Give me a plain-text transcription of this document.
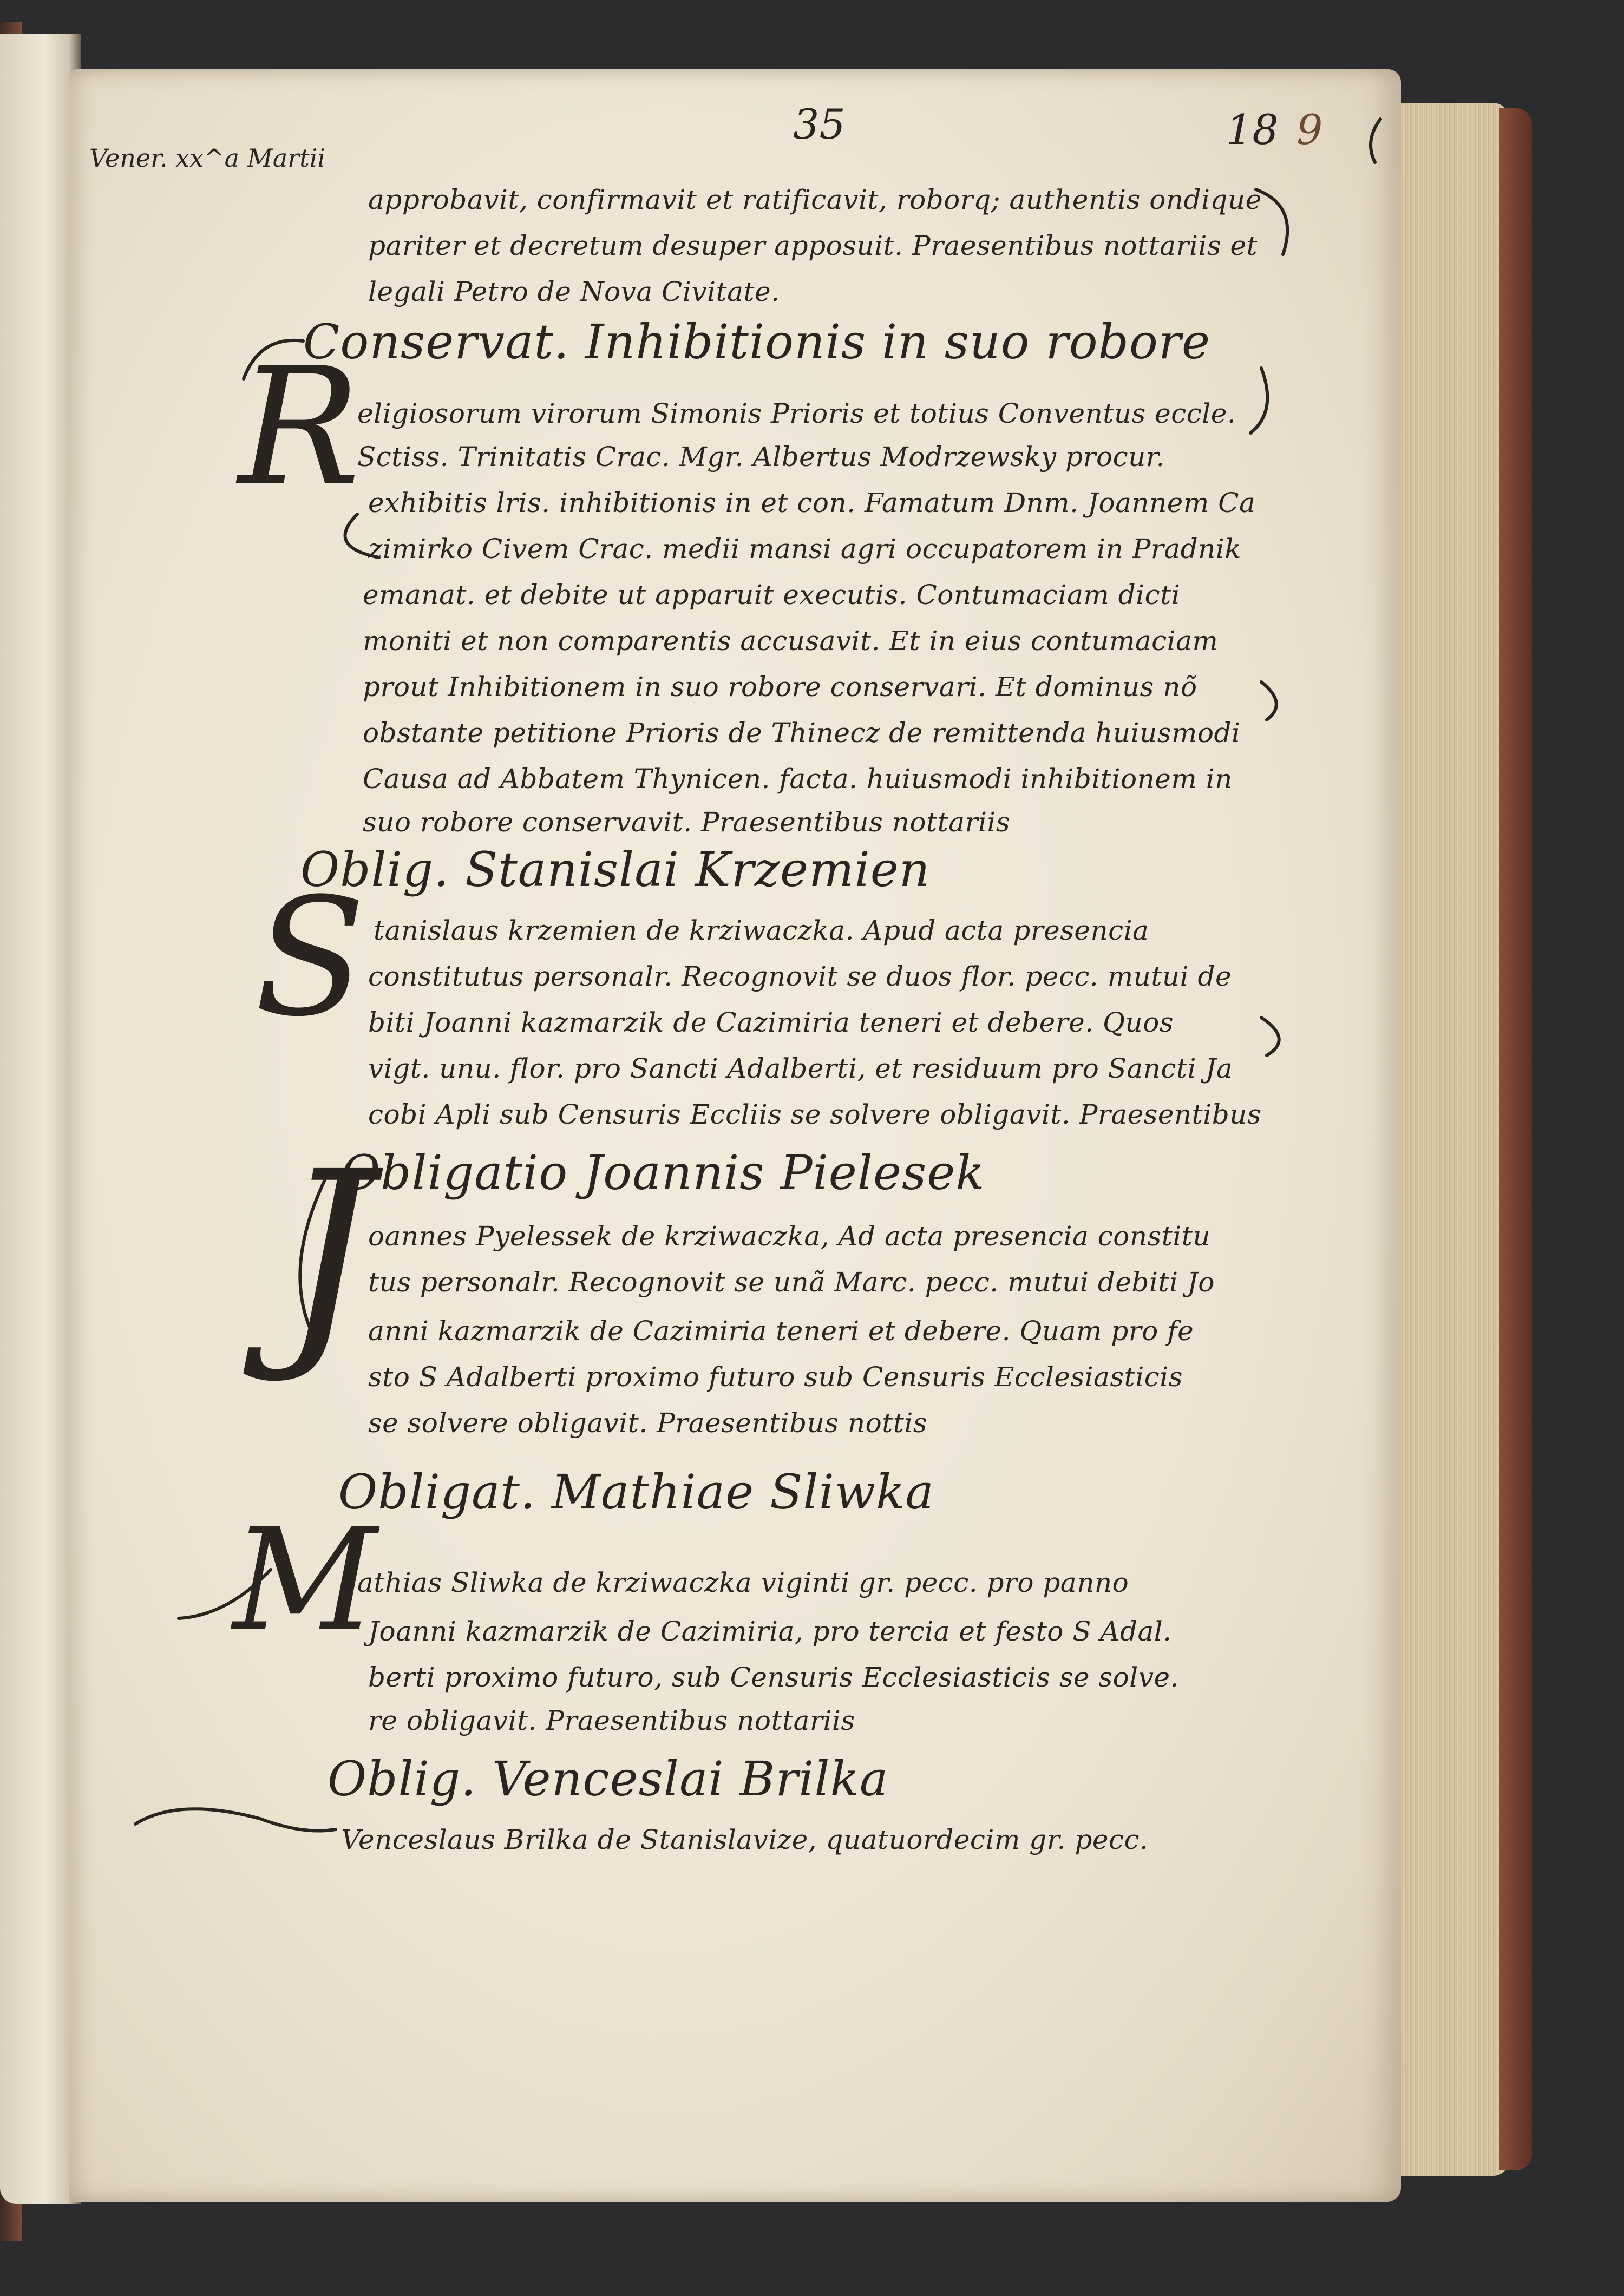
35	18 9
Vener. xx^a Martii
approbavit, confirmavit et ratificavit, roborq; authentis ondique
pariter et decretum desuper apposuit. Praesentibus nottariis et
legali Petro de Nova Civitate.
Conservat. Inhibitionis in suo robore
R
eligiosorum virorum Simonis Prioris et totius Conventus eccle.
Sctiss. Trinitatis Crac. Mgr. Albertus Modrzewsky procur.
exhibitis lris. inhibitionis in et con. Famatum Dnm. Joannem Ca
zimirko Civem Crac. medii mansi agri occupatorem in Pradnik
emanat. et debite ut apparuit executis. Contumaciam dicti
moniti et non comparentis accusavit. Et in eius contumaciam
prout Inhibitionem in suo robore conservari. Et dominus nõ
obstante petitione Prioris de Thinecz de remittenda huiusmodi
Causa ad Abbatem Thynicen. facta. huiusmodi inhibitionem in
suo robore conservavit. Praesentibus nottariis
Oblig. Stanislai Krzemien
S tanislaus krzemien de krziwaczka. Apud acta presencia
constitutus personalr. Recognovit se duos flor. pecc. mutui de
biti Joanni kazmarzik de Cazimiria teneri et debere. Quos
vigt. unu. flor. pro Sancti Adalberti, et residuum pro Sancti Ja
cobi Apli sub Censuris Eccliis se solvere obligavit. Praesentibus
Obligatio Joannis Pielesek
J
oannes Pyelessek de krziwaczka, Ad acta presencia constitu
tus personalr. Recognovit se unã Marc. pecc. mutui debiti Jo
anni kazmarzik de Cazimiria teneri et debere. Quam pro fe
sto S Adalberti proximo futuro sub Censuris Ecclesiasticis
se solvere obligavit. Praesentibus nottis
Obligat. Mathiae Sliwka
M
athias Sliwka de krziwaczka viginti gr. pecc. pro panno
Joanni kazmarzik de Cazimiria, pro tercia et festo S Adal.
berti proximo futuro, sub Censuris Ecclesiasticis se solve.
re obligavit. Praesentibus nottariis
Oblig. Venceslai Brilka
Venceslaus Brilka de Stanislavize, quatuordecim gr. pecc.
